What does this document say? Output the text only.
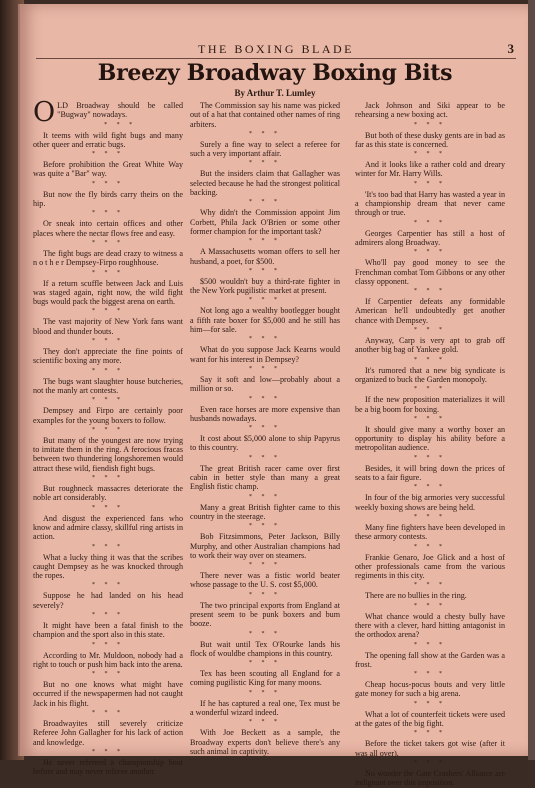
THE BOXING BLADE	3
Breezy Broadway Boxing Bits
By Arthur T. Lumley

OLD Broadway should be called "Bugway" nowadays.

* * *

It teems with wild fight bugs and many other queer and erratic bugs.

* * *

Before prohibition the Great White Way was quite a "Bar" way.

* * *

But now the fly birds carry theirs on the hip.

* * *

Or sneak into certain offices and other places where the nectar flows free and easy.

* * *

The fight bugs are dead crazy to witness a n o t h e r Dempsey-Firpo roughhouse.

* * *

If a return scuffle between Jack and Luis was staged again, right now, the wild fight bugs would pack the biggest arena on earth.

* * *

The vast majority of New York fans want blood and thunder bouts.

* * *

They don't appreciate the fine points of scientific boxing any more.

* * *

The bugs want slaughter house butcheries, not the manly art contests.

* * *

Dempsey and Firpo are certainly poor examples for the young boxers to follow.

* * *

But many of the youngest are now trying to imitate them in the ring. A ferocious fracas between two thundering longshoremen would attract these wild, fiendish fight bugs.

* * *

But roughneck massacres deteriorate the noble art considerably.

* * *

And disgust the experienced fans who know and admire classy, skillful ring artists in action.

* * *

What a lucky thing it was that the scribes caught Dempsey as he was knocked through the ropes.

* * *

Suppose he had landed on his head severely?

* * *

It might have been a fatal finish to the champion and the sport also in this state.

* * *

According to Mr. Muldoon, nobody had a right to touch or push him back into the arena.

* * *

But no one knows what might have occurred if the newspapermen had not caught Jack in his flight.

* * *

Broadwayites still severely criticize Referee John Gallagher for his lack of action and knowledge.

* * *

He never refereed a championship bout before and may never referee another.

The Commission say his name was picked out of a hat that contained other names of ring arbiters.

* * *

Surely a fine way to select a referee for such a very important affair.

* * *

But the insiders claim that Gallagher was selected because he had the strongest political backing.

* * *

Why didn't the Commission appoint Jim Corbett, Phila Jack O'Brien or some other former champion for the important task?

* * *

A Massachusetts woman offers to sell her husband, a poet, for $500.

* * *

$500 wouldn't buy a third-rate fighter in the New York pugilistic market at present.

* * *

Not long ago a wealthy bootlegger bought a fifth rate boxer for $5,000 and he still has him—for sale.

* * *

What do you suppose Jack Kearns would want for his interest in Dempsey?

* * *

Say it soft and low—probably about a million or so.

* * *

Even race horses are more expensive than husbands nowadays.

* * *

It cost about $5,000 alone to ship Papyrus to this country.

* * *

The great British racer came over first cabin in better style than many a great English fistic champ.

* * *

Many a great British fighter came to this country in the steerage.

* * *

Bob Fitzsimmons, Peter Jackson, Billy Murphy, and other Australian champions had to work their way over on steamers.

* * *

There never was a fistic world beater whose passage to the U. S. cost $5,000.

* * *

The two principal exports from England at present seem to be punk boxers and bum booze.

* * *

But wait until Tex O'Rourke lands his flock of wouldbe champions in this country.

* * *

Tex has been scouting all England for a coming pugilistic King for many moons.

* * *

If he has captured a real one, Tex must be a wonderful wizard indeed.

* * *

With Joe Beckett as a sample, the Broadway experts don't believe there's any such animal in captivity.

Jack Johnson and Siki appear to be rehearsing a new boxing act.

* * *

But both of these dusky gents are in bad as far as this state is concerned.

* * *

And it looks like a rather cold and dreary winter for Mr. Harry Wills.

* * *

'It's too bad that Harry has wasted a year in a championship dream that never came through or true.

* * *

Georges Carpentier has still a host of admirers along Broadway.

* * *

Who'll pay good money to see the Frenchman combat Tom Gibbons or any other classy opponent.

* * *

If Carpentier defeats any formidable American he'll undoubtedly get another chance with Dempsey.

* * *

Anyway, Carp is very apt to grab off another big bag of Yankee gold.

* * *

It's rumored that a new big syndicate is organized to buck the Garden monopoly.

* * *

If the new proposition materializes it will be a big boom for boxing.

* * *

It should give many a worthy boxer an opportunity to display his ability before a metropolitan audience.

* * *

Besides, it will bring down the prices of seats to a fair figure.

* * *

In four of the big armories very successful weekly boxing shows are being held.

* * *

Many fine fighters have been developed in these armory contests.

* * *

Frankie Genaro, Joe Glick and a host of other professionals came from the various regiments in this city.

* * *

There are no bullies in the ring.

* * *

What chance would a chesty bully have there with a clever, hard hitting antagonist in the orthodox arena?

* * *

The opening fall show at the Garden was a frost.

* * *

Cheap hocus-pocus bouts and very little gate money for such a big arena.

* * *

What a lot of counterfeit tickets were used at the gates of the big fight.

* * *

Before the ticket takers got wise (after it was all over).

* * *

No wonder the Gate Crashers' Alliance are indignant over this imposition.
